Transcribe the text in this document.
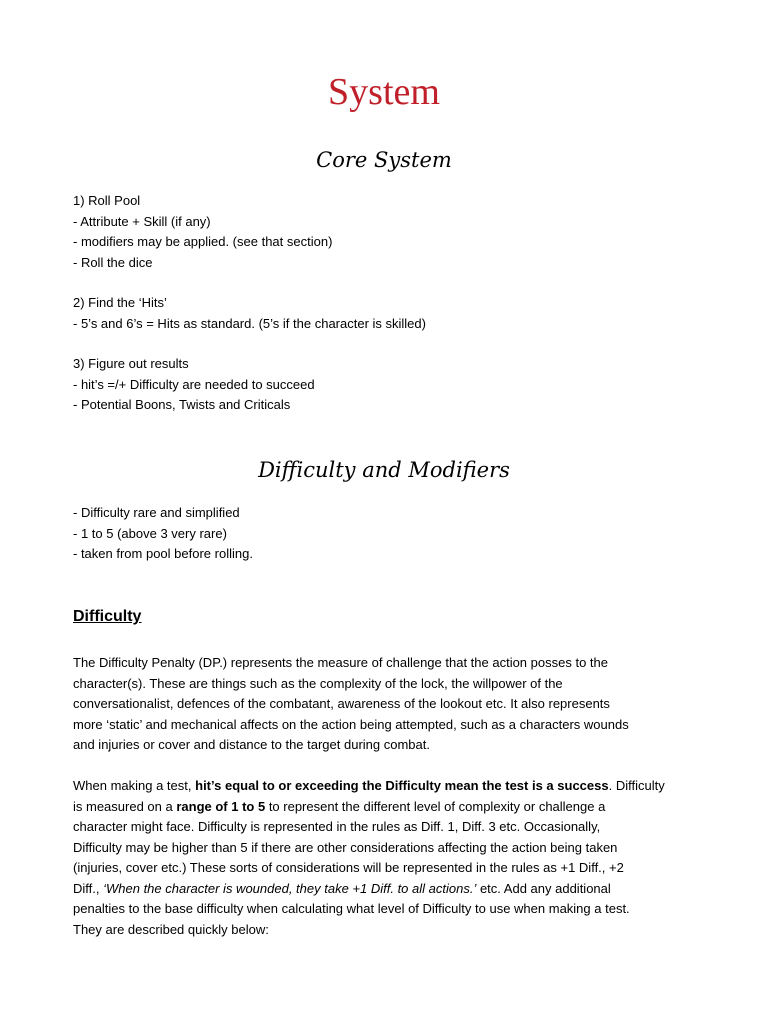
System
Core System
1) Roll Pool
- Attribute + Skill (if any)
- modifiers may be applied. (see that section)
- Roll the dice
2) Find the ‘Hits’
- 5’s and 6’s = Hits as standard. (5’s if the character is skilled)
3) Figure out results
- hit’s =/+ Difficulty are needed to succeed
- Potential Boons, Twists and Criticals
Difficulty and Modifiers
- Difficulty rare and simplified
- 1 to 5 (above 3 very rare)
- taken from pool before rolling.
Difficulty

The Difficulty Penalty (DP.) represents the measure of challenge that the action posses to the
character(s). These are things such as the complexity of the lock, the willpower of the
conversationalist, defences of the combatant, awareness of the lookout etc. It also represents
more ‘static’ and mechanical affects on the action being attempted, such as a characters wounds
and injuries or cover and distance to the target during combat.

When making a test, hit’s equal to or exceeding the Difficulty mean the test is a success. Difficulty
is measured on a range of 1 to 5 to represent the different level of complexity or challenge a
character might face. Difficulty is represented in the rules as Diff. 1, Diff. 3 etc. Occasionally,
Difficulty may be higher than 5 if there are other considerations affecting the action being taken
(injuries, cover etc.) These sorts of considerations will be represented in the rules as +1 Diff., +2
Diff., ‘When the character is wounded, they take +1 Diff. to all actions.’ etc. Add any additional
penalties to the base difficulty when calculating what level of Difficulty to use when making a test.
They are described quickly below:
